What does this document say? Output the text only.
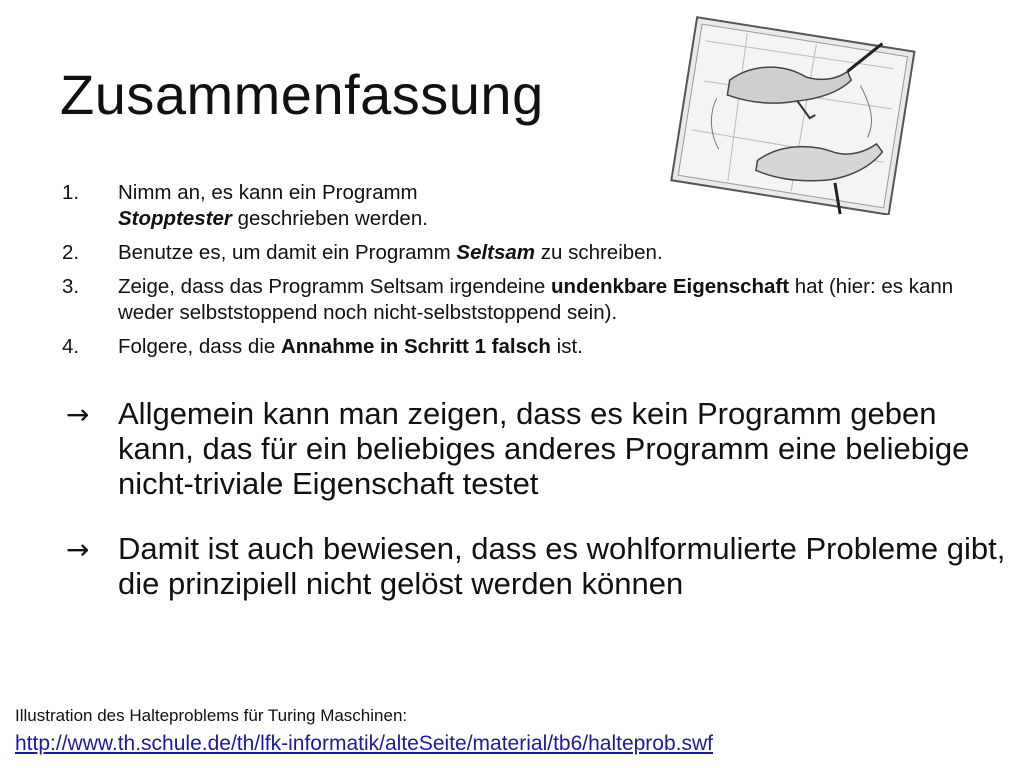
Zusammenfassung
1. Nimm an, es kann ein Programm
Stopptester geschrieben werden.
2. Benutze es, um damit ein Programm Seltsam zu schreiben.
3. Zeige, dass das Programm Seltsam irgendeine undenkbare Eigenschaft hat (hier: es kann weder selbststoppend noch nicht-selbststoppend sein).
4. Folgere, dass die Annahme in Schritt 1 falsch ist.
→ Allgemein kann man zeigen, dass es kein Programm geben kann, das für ein beliebiges anderes Programm eine beliebige nicht-triviale Eigenschaft testet
→ Damit ist auch bewiesen, dass es wohlformulierte Probleme gibt, die prinzipiell nicht gelöst werden können
Illustration des Halteproblems für Turing Maschinen:
http://www.th.schule.de/th/lfk-informatik/alteSeite/material/tb6/halteprob.swf
